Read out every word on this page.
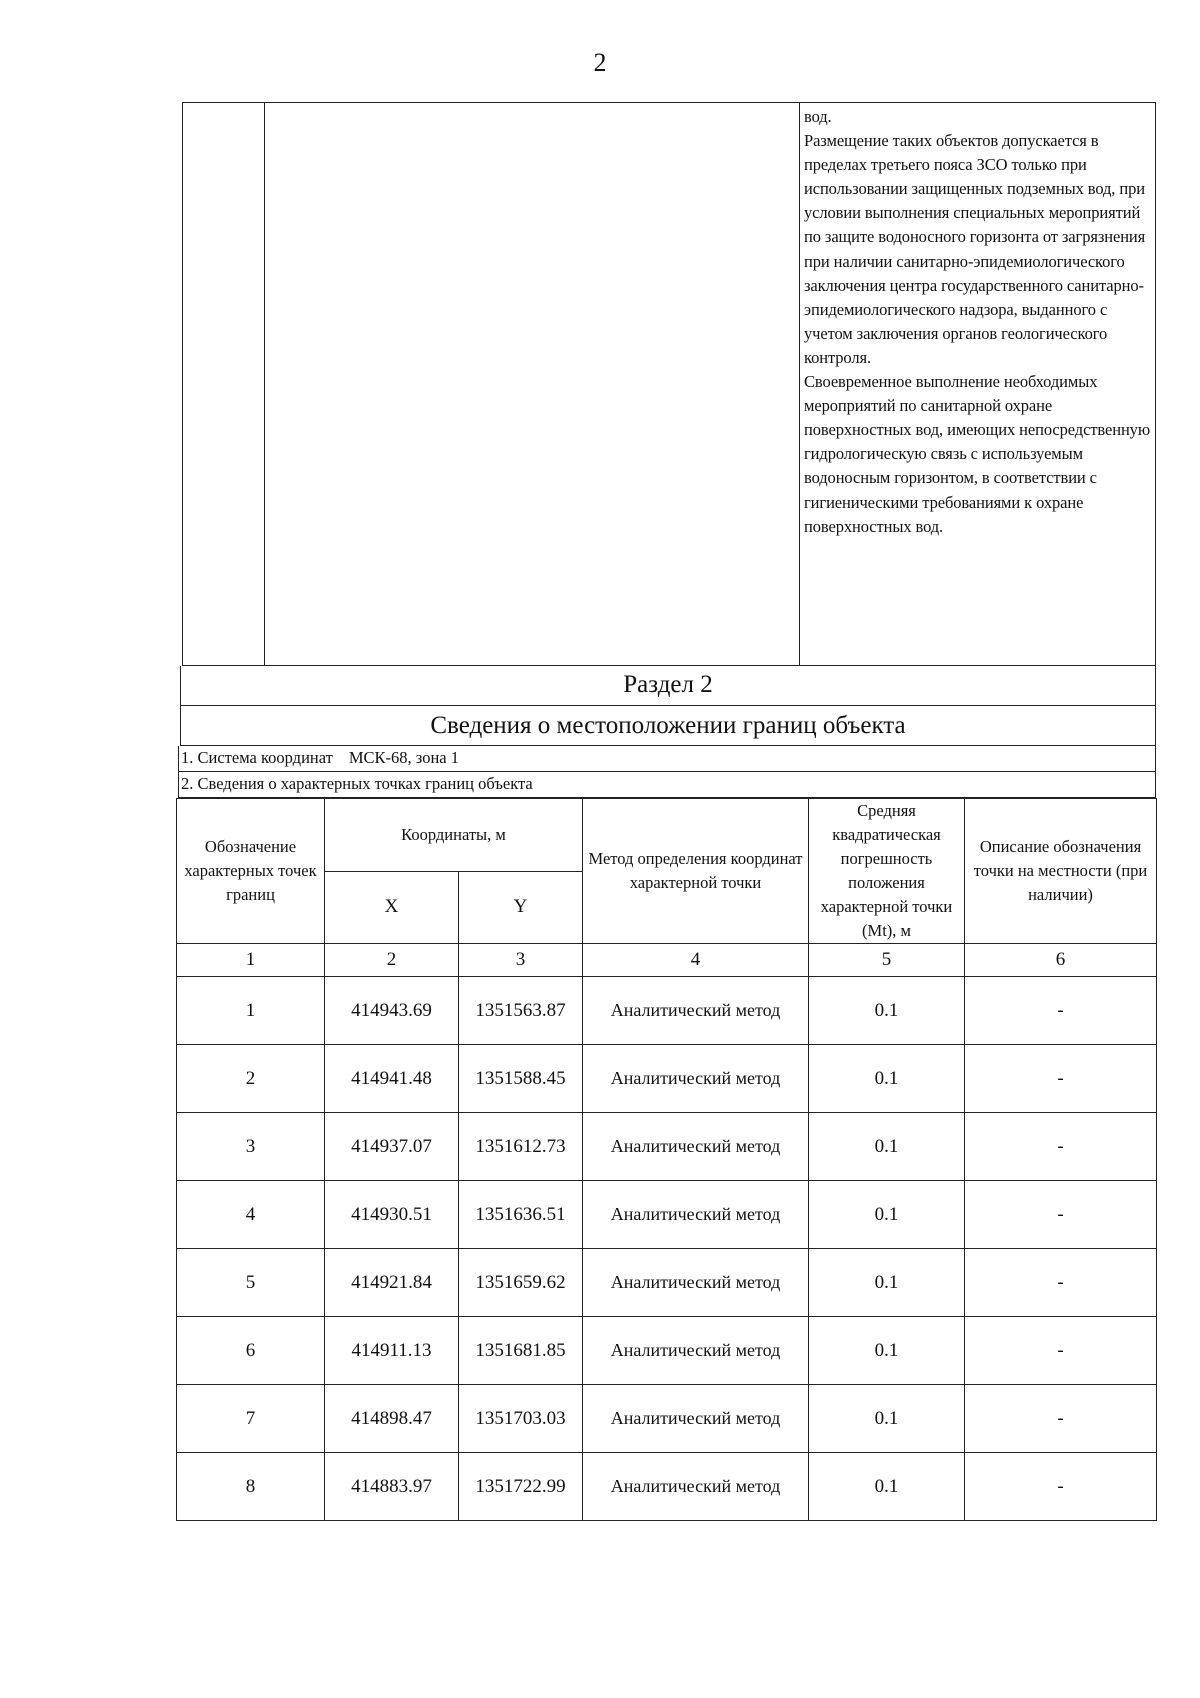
2

вод.

Размещение таких объектов допускается в пределах третьего пояса ЗСО только при использовании защищенных подземных вод, при условии выполнения специальных мероприятий по защите водоносного горизонта от загрязнения при наличии санитарно-эпидемиологического заключения центра государственного санитарно-эпидемиологического надзора, выданного с учетом заключения органов геологического контроля.

Своевременное выполнение необходимых мероприятий по санитарной охране поверхностных вод, имеющих непосредственную гидрологическую связь с используемым водоносным горизонтом, в соответствии с гигиеническими требованиями к охране поверхностных вод.

Раздел 2
Сведения о местоположении границ объекта
1. Система координат МСК-68, зона 1
2. Сведения о характерных точках границ объекта
Обозначение характерных точек границ	Координаты, м		Метод определения координат характерной точки	Средняя квадратическая погрешность положения характерной точки (Mt), м	Описание обозначения точки на местности (при наличии)
	X	Y			
1	2	3	4	5	6
1	414943.69	1351563.87	Аналитический метод	0.1	-
2	414941.48	1351588.45	Аналитический метод	0.1	-
3	414937.07	1351612.73	Аналитический метод	0.1	-
4	414930.51	1351636.51	Аналитический метод	0.1	-
5	414921.84	1351659.62	Аналитический метод	0.1	-
6	414911.13	1351681.85	Аналитический метод	0.1	-
7	414898.47	1351703.03	Аналитический метод	0.1	-
8	414883.97	1351722.99	Аналитический метод	0.1	-
